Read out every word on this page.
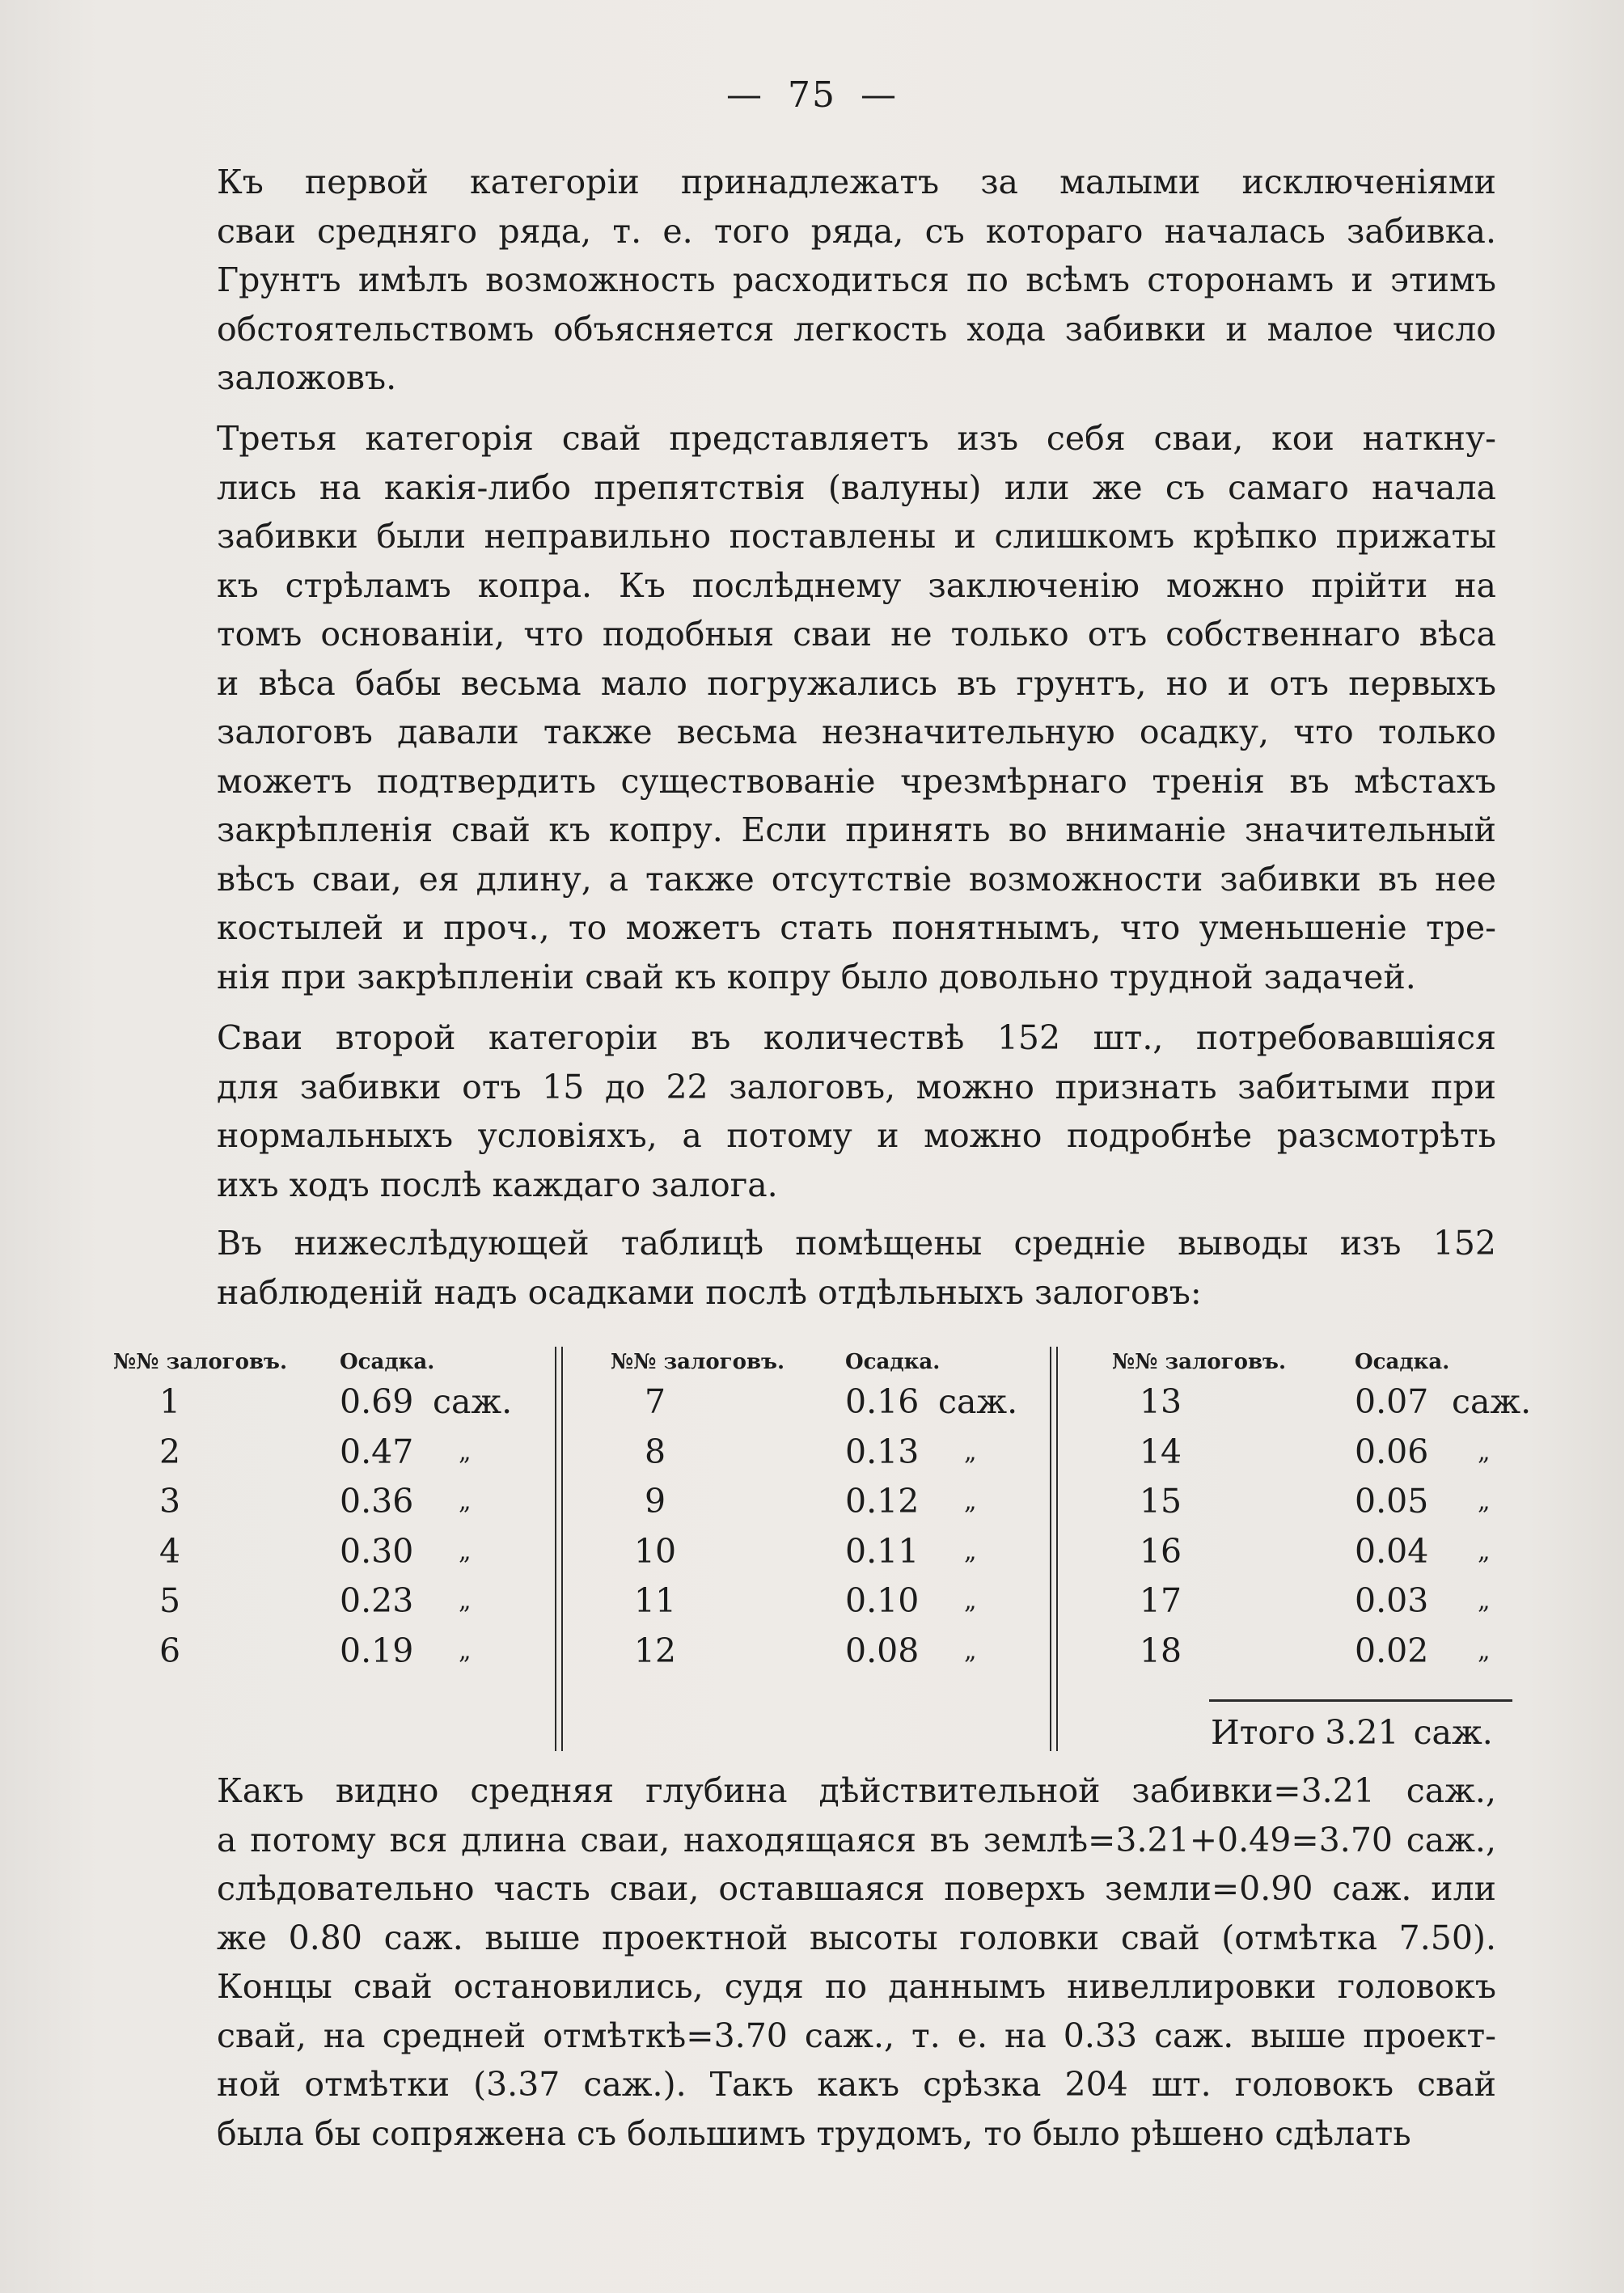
— 75 —

Къ первой категоріи принадлежатъ за малыми исключеніями
сваи средняго ряда, т. е. того ряда, съ котораго началась забивка.
Грунтъ имѣлъ возможность расходиться по всѣмъ сторонамъ и этимъ
обстоятельствомъ объясняется легкость хода забивки и малое число
заложовъ.

Третья категорія свай представляетъ изъ себя сваи, кои наткну-
лись на какія-либо препятствія (валуны) или же съ самаго начала
забивки были неправильно поставлены и слишкомъ крѣпко прижаты
къ стрѣламъ копра. Къ послѣднему заключенію можно прійти на
томъ основаніи, что подобныя сваи не только отъ собственнаго вѣса
и вѣса бабы весьма мало погружались въ грунтъ, но и отъ первыхъ
залоговъ давали также весьма незначительную осадку, что только
можетъ подтвердить существованіе чрезмѣрнаго тренія въ мѣстахъ
закрѣпленія свай къ копру. Если принять во вниманіе значительный
вѣсъ сваи, ея длину, а также отсутствіе возможности забивки въ нее
костылей и проч., то можетъ стать понятнымъ, что уменьшеніе тре-
нія при закрѣпленіи свай къ копру было довольно трудной задачей.

Сваи второй категоріи въ количествѣ 152 шт., потребовавшіяся
для забивки отъ 15 до 22 залоговъ, можно признать забитыми при
нормальныхъ условіяхъ, а потому и можно подробнѣе разсмотрѣть
ихъ ходъ послѣ каждаго залога.

Въ нижеслѣдующей таблицѣ помѣщены средніе выводы изъ 152
наблюденій надъ осадками послѣ отдѣльныхъ залоговъ:

№№ залоговъ. Осадка.
1	0.69 саж.
2	0.47	„
3	0.36	„
4	0.30	„
5	0.23	„
6	0.19	„
№№ залоговъ.	Осадка.
7	0.16 саж.
8	0.13	„
9	0.12	„
10	0.11	„
11	0.10	„
12	0.08	„
№№ залоговъ.	Осадка.
13	0.07 саж.
14	0.06	„
15	0.05	„
16	0.04	„
17	0.03	„
18	0.02	„
Итого 3.21 саж.

Какъ видно средняя глубина дѣйствительной забивки=3.21 саж.,
а потому вся длина сваи, находящаяся въ землѣ=3.21+0.49=3.70 саж.,
слѣдовательно часть сваи, оставшаяся поверхъ земли=0.90 саж. или
же 0.80 саж. выше проектной высоты головки свай (отмѣтка 7.50).
Концы свай остановились, судя по даннымъ нивеллировки головокъ
свай, на средней отмѣткѣ=3.70 саж., т. е. на 0.33 саж. выше проект-
ной отмѣтки (3.37 саж.). Такъ какъ срѣзка 204 шт. головокъ свай
была бы сопряжена съ большимъ трудомъ, то было рѣшено сдѣлать
